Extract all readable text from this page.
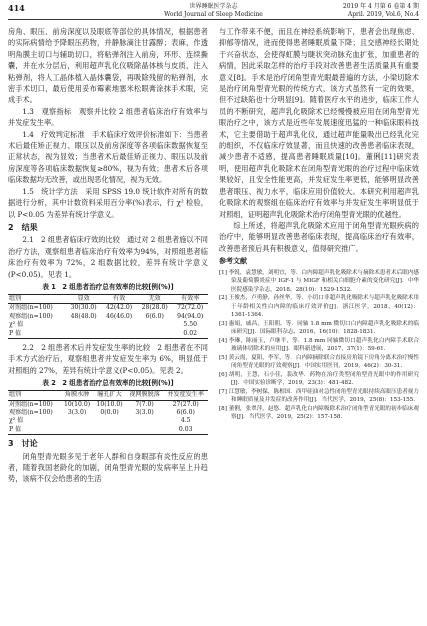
414	世界睡眠医学杂志
World Journal of Sleep Medicine
2019 年 4 月第 6 卷第 4 期
April. 2019, Vol.6, No.4

房角、眼压、前房深度以及眼底等部位的具体情况，根据患者的实际病情给予降眼压药物，并静脉滴注甘露醇；表麻，作透明角膜主切口与辅助切口，将粘弹剂注入前房，环形、连续撕囊，并在水分层后，利用超声乳化仪吸除晶体核与皮质，注入粘弹剂，将人工晶体植入晶体囊袋，再吸除残留的粘弹剂，水密手术切口，最后使用妥布霉素地塞米松眼膏涂抹手术眼，完成手术。

1.3　观察指标　观察并比较 2 组患者临床治疗有效率与并发症发生率。

1.4　疗效判定标准　手术临床疗效评价标准如下：当患者术后最佳矫正视力、眼压以及前房深度等各项临床数据恢复至正常状态，视为显效；当患者术后最佳矫正视力、眼压以及前房深度等各项临床数据恢复≥80%，视为有效；患者术后各项临床数据均无改善，或出现恶化情况，视为无效。

1.5　统计学方法　采用 SPSS 19.0 统计软件对所有的数据进行分析，其中计数资料采用百分率(%)表示，行 χ² 检验，以 P<0.05 为差异有统计学意义。

2　结果

2.1　2 组患者临床疗效的比较　通过对 2 组患者施以不同治疗方法，观察组患者临床治疗有效率为94%，对照组患者临床治疗有效率为 72%，2 组数据比较，差异有统计学意义(P<0.05)。见表 1。

表 1　2 组患者治疗总有效率的比较[例(%)]
组别	显效	有效	无效	有效率
对照组(n=100)	30(30.0)	42(42.0)	28(28.0)	72(72.0)
观察组(n=100)	48(48.0)	46(46.0)	6(6.0)	94(94.0)
χ² 值				5.50
P 值				0.02

2.2　2 组患者术后并发症发生率的比较　2 组患者在不同手术方式治疗后，观察组患者并发症发生率为 6%，明显低于对照组的 27%，差异有统计学意义(P<0.05)。见表 2。

表 2　2 组患者治疗总有效率的比较[例(%)]
组别	角膜水肿	瞳孔扩大	视网膜脱落	并发症发生率
对照组(n=100)	10(10.0)	10(10.0)	7(7.0)	27(27.0)
观察组(n=100)	3(3.0)	0(0.0)	3(3.0)	6(6.0)
χ² 值				4.5
P 值				0.03
3　讨论

闭角型青光眼多见于老年人群和自身眼部有炎性反应的患者，随着我国老龄化的加剧，闭角型青光眼的发病率呈上升趋势，该病不仅会给患者的生活

与工作带来不便，而且在神经系统影响下，患者会出现焦虑、抑郁等情况，进而使得患者睡眠质量下降；且交感神经长期处于兴奋状态，会使得虹膜与睫状突动脉充血扩张，加重患者的病情，因此采取怎样的治疗手段对改善患者生活质量具有重要意义[8]。手术是治疗闭角型青光眼最普遍的方法，小梁切除术是治疗闭角型青光眼的传统方式，该方式虽然有一定的效果，但不过缺陷也十分明显[9]。随着医疗水平的进步，临床工作人员的不断研究，超声乳化吸除术已经慢慢被应用在闭角型青光眼治疗之中，该方式是近些年发展速度迅猛的一种临床眼科技术，它主要借助于超声乳化仪，通过超声能量吸出已经乳化完的组织，不仅临床疗效显著，而且快速的改善患者临床表现，减少患者不适感，提高患者睡眠质量[10]。董俐[11]研究表明，使用超声乳化吸除术在闭角型青光眼的治疗过程中临床效果较好，且安全性能更高，并发症发生率更低，能够明显改善患者眼压、视力水平，临床应用价值较大。本研究利用超声乳化吸除术的观察组在临床治疗有效率与并发症发生率明显低于对照组，证明超声乳化吸除术治疗闭角型青光眼的优越性。

综上所述，将超声乳化吸除术应用于闭角型青光眼疾病的治疗中，能够明显改善患者临床表现，提高临床治疗有效率，改善患者预后具有积极意义，值得研究推广。

参考文献
[1] 李锐，袁慧敏，刘明宜，等．白内障超声乳化吸除术与摘除术患者术后眼内感染及葡萄膜炎症中 IGF-1 与 MIGF 和相关白细胞介素的变化研究[J]．中华医院感染学杂志，2018，28(10)：1529-1532.
[2] 王俊杰，卢勇静，孙丝华，等．小切口非超声乳化吸除术与超声乳化吸除术用于年龄相关性白内障的临床疗效评价[J]．浙江医学，2018，40(12)：1361-1364.
[3] 惠娟，戚昌，王阳朝，等．同轴 1.8 mm 微切口白内障超声乳化吸除术的临床研究[J]．国际眼科杂志，2016，16(10)：1828-1831.
[4] 李琳，陈丽玉，卢继平，等．1.8 mm 同轴微切口超声乳化白内障手术联合玻璃体切除术的应用[J]．眼科新进展，2017，37(1)：59-61.
[5] 黄云霞，夏阳，李军，等．白内障摘除联合直接房角镜下房角分离术治疗慢性闭角型青光眼的疗效观察[J]．中国实用医刊，2019，46(2)：30-31.
[6] 胡明，王慧，石小佳，裴改华．药物在治疗类型闭角型青光眼中的作用研究[J]．中国实验诊断学，2019，23(3)：481-482.
[7] 江慧敏，李树保，陈相国．西甲硅油对急性闭角型青光眼持续高眼压患者视力和睡眠质量及并发症的改善作用[J]．当代医学，2019，25(8)：153-155.
[8] 董俐，张翠萍，赵悠．超声乳化白内障吸除术治疗闭角型青光眼的初步临床观察[J]．当代医学，2019，25(2)：157-158.
